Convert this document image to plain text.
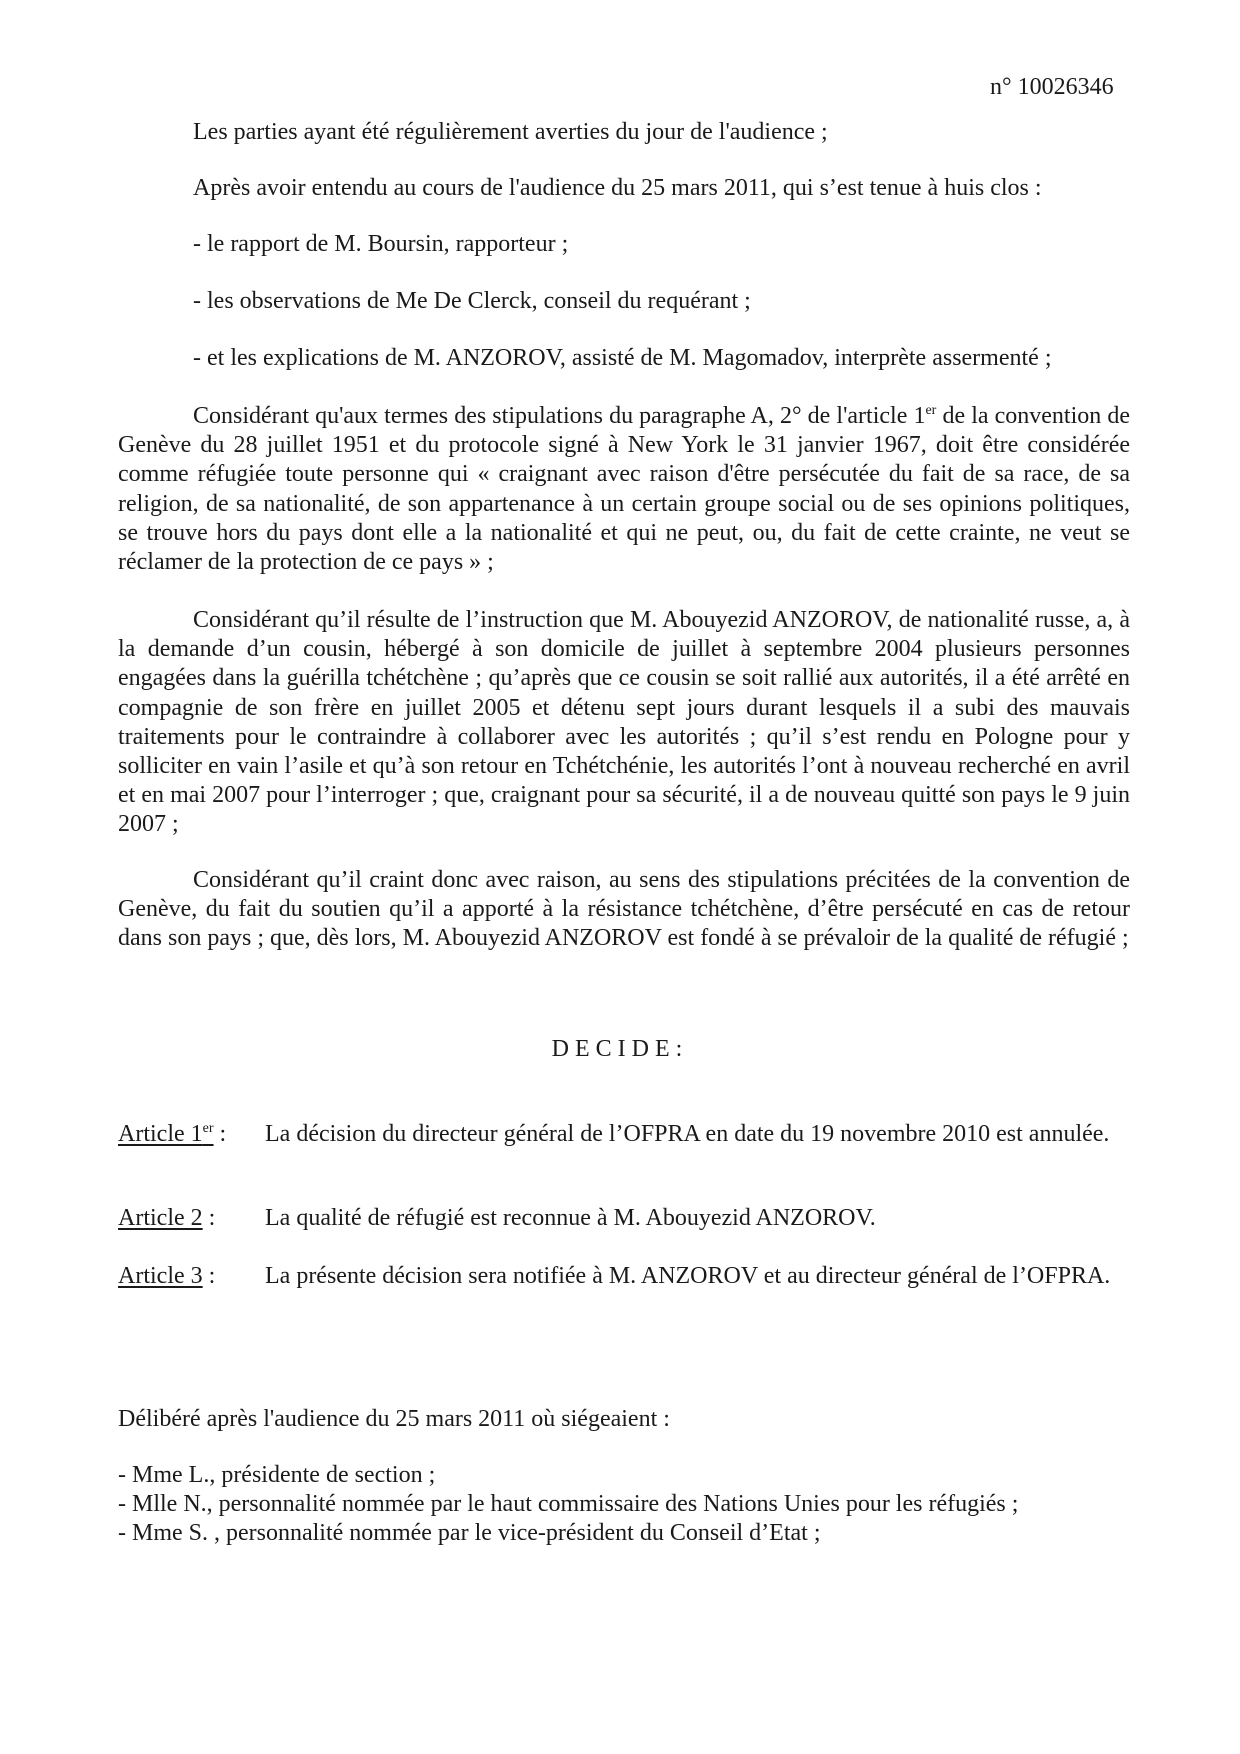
n° 10026346
Les parties ayant été régulièrement averties du jour de l'audience ;
Après avoir entendu au cours de l'audience du 25 mars 2011, qui s’est tenue à huis clos :
- le rapport de M. Boursin, rapporteur ;
- les observations de Me De Clerck, conseil du requérant ;
- et les explications de M. ANZOROV, assisté de M. Magomadov, interprète assermenté ;
Considérant qu'aux termes des stipulations du paragraphe A, 2° de l'article 1er de la convention de Genève du 28 juillet 1951 et du protocole signé à New York le 31 janvier 1967, doit être considérée comme réfugiée toute personne qui « craignant avec raison d'être persécutée du fait de sa race, de sa religion, de sa nationalité, de son appartenance à un certain groupe social ou de ses opinions politiques, se trouve hors du pays dont elle a la nationalité et qui ne peut, ou, du fait de cette crainte, ne veut se réclamer de la protection de ce pays » ;
Considérant qu’il résulte de l’instruction que M. Abouyezid ANZOROV, de nationalité russe, a, à la demande d’un cousin, hébergé à son domicile de juillet à septembre 2004 plusieurs personnes engagées dans la guérilla tchétchène ; qu’après que ce cousin se soit rallié aux autorités, il a été arrêté en compagnie de son frère en juillet 2005 et détenu sept jours durant lesquels il a subi des mauvais traitements pour le contraindre à collaborer avec les autorités ; qu’il s’est rendu en Pologne pour y solliciter en vain l’asile et qu’à son retour en Tchétchénie, les autorités l’ont à nouveau recherché en avril et en mai 2007 pour l’interroger ; que, craignant pour sa sécurité, il a de nouveau quitté son pays le 9 juin 2007 ;
Considérant qu’il craint donc avec raison, au sens des stipulations précitées de la convention de Genève, du fait du soutien qu’il a apporté à la résistance tchétchène, d’être persécuté en cas de retour dans son pays ; que, dès lors, M. Abouyezid ANZOROV est fondé à se prévaloir de la qualité de réfugié ;
DECIDE:
Article 1er : La décision du directeur général de l’OFPRA en date du 19 novembre 2010 est annulée.
Article 2 : La qualité de réfugié est reconnue à M. Abouyezid ANZOROV.
Article 3 : La présente décision sera notifiée à M. ANZOROV et au directeur général de l’OFPRA.
Délibéré après l'audience du 25 mars 2011 où siégeaient :
- Mme L., présidente de section ;
- Mlle N., personnalité nommée par le haut commissaire des Nations Unies pour les réfugiés ;
- Mme S. , personnalité nommée par le vice-président du Conseil d’Etat ;
